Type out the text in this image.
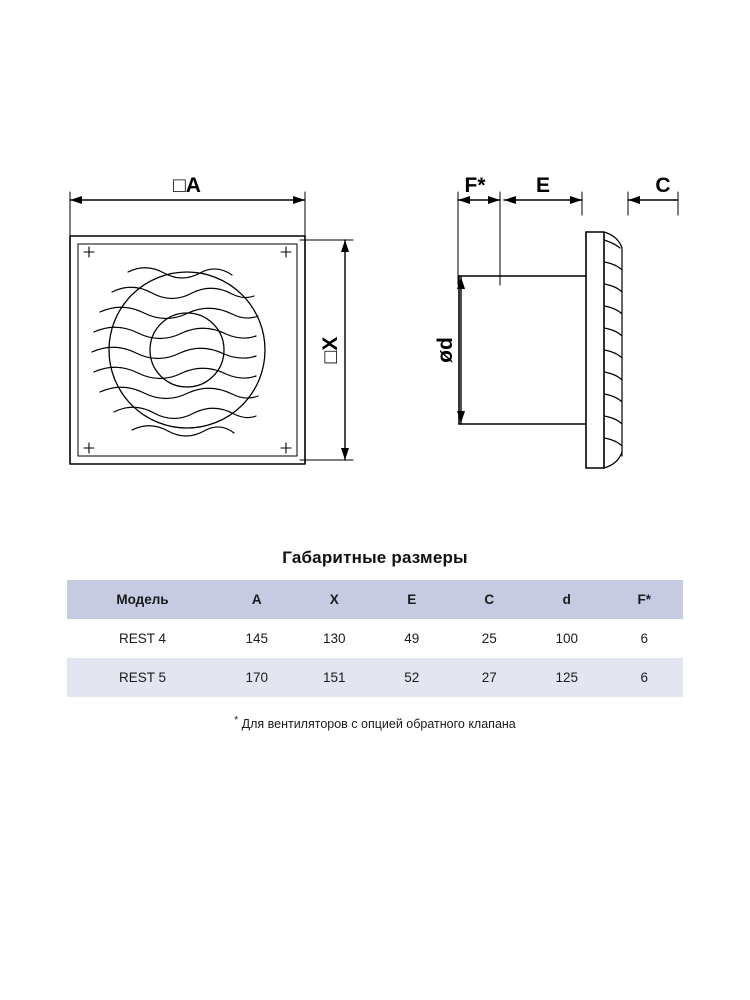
□A
□X
F* E	C
ød
Габаритные размеры
Модель	A	X	E	C	d	F*
REST 4	145	130	49	25	100	6
REST 5	170	151	52	27	125	6
* Для вентиляторов с опцией обратного клапана
